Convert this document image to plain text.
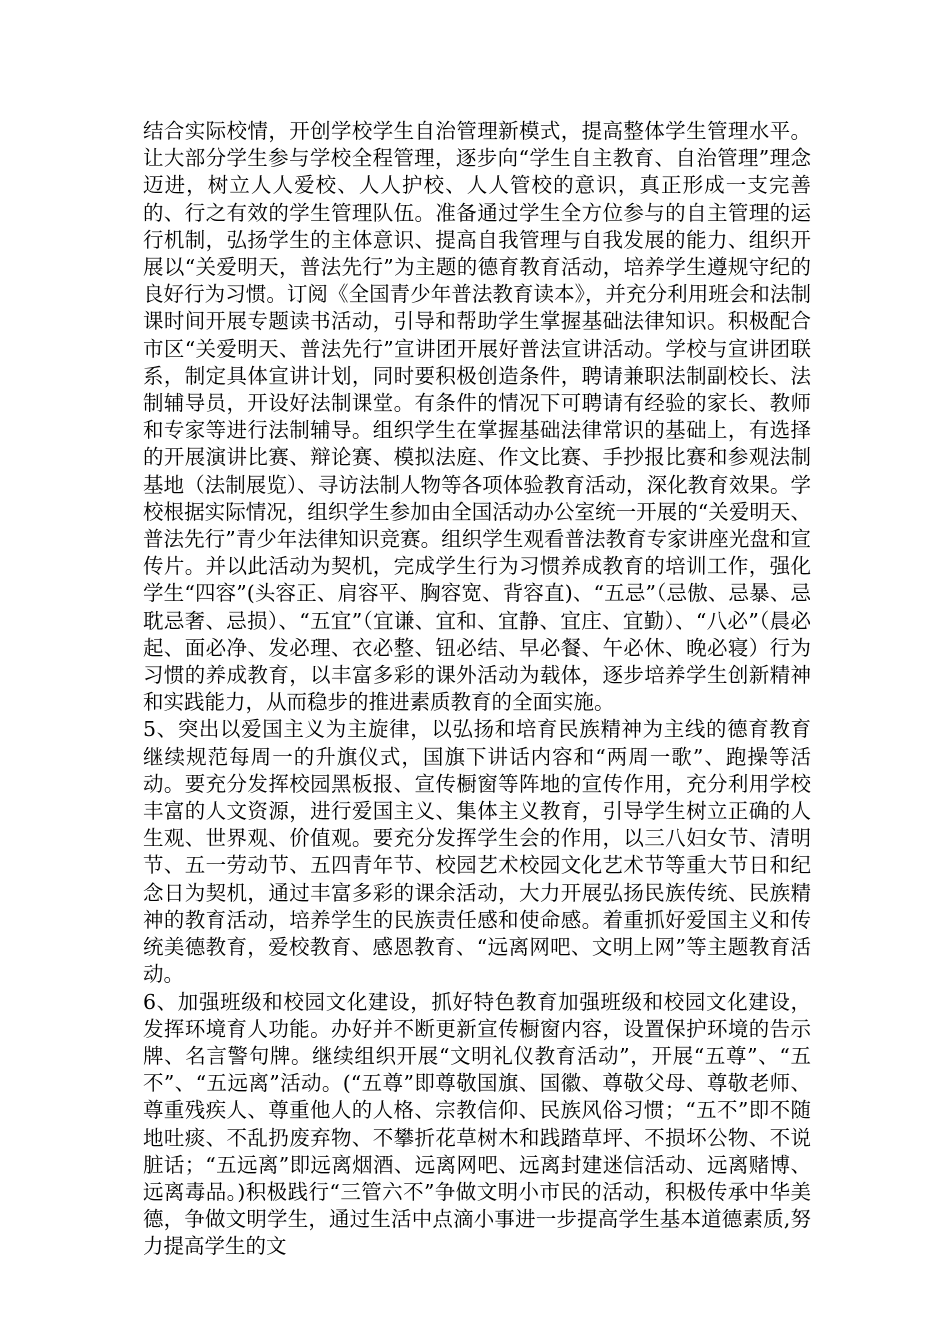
结合实际校情，开创学校学生自治管理新模式，提高整体学生管理水平。让大部分学生参与学校全程管理，逐步向“学生自主教育、自治管理”理念迈进，树立人人爱校、人人护校、人人管校的意识，真正形成一支完善的、行之有效的学生管理队伍。准备通过学生全方位参与的自主管理的运行机制，弘扬学生的主体意识、提高自我管理与自我发展的能力、组织开展以“关爱明天，普法先行”为主题的德育教育活动，培养学生遵规守纪的良好行为习惯。订阅《全国青少年普法教育读本》，并充分利用班会和法制课时间开展专题读书活动，引导和帮助学生掌握基础法律知识。积极配合市区“关爱明天、普法先行”宣讲团开展好普法宣讲活动。学校与宣讲团联系，制定具体宣讲计划，同时要积极创造条件，聘请兼职法制副校长、法制辅导员，开设好法制课堂。有条件的情况下可聘请有经验的家长、教师和专家等进行法制辅导。组织学生在掌握基础法律常识的基础上，有选择的开展演讲比赛、辩论赛、模拟法庭、作文比赛、手抄报比赛和参观法制基地（法制展览）、寻访法制人物等各项体验教育活动，深化教育效果。学校根据实际情况，组织学生参加由全国活动办公室统一开展的“关爱明天、普法先行”青少年法律知识竞赛。组织学生观看普法教育专家讲座光盘和宣传片。并以此活动为契机，完成学生行为习惯养成教育的培训工作，强化学生“四容”(头容正、肩容平、胸容宽、背容直)、“五忌”（忌傲、忌暴、忌耽忌奢、忌损）、“五宜”（宜谦、宜和、宜静、宜庄、宜勤）、“八必”（晨必起、面必净、发必理、衣必整、钮必结、早必餐、午必休、晚必寝）行为习惯的养成教育，以丰富多彩的课外活动为载体，逐步培养学生创新精神和实践能力，从而稳步的推进素质教育的全面实施。

5、突出以爱国主义为主旋律，以弘扬和培育民族精神为主线的德育教育继续规范每周一的升旗仪式，国旗下讲话内容和“两周一歌”、跑操等活动。要充分发挥校园黑板报、宣传橱窗等阵地的宣传作用，充分利用学校丰富的人文资源，进行爱国主义、集体主义教育，引导学生树立正确的人生观、世界观、价值观。要充分发挥学生会的作用，以三八妇女节、清明节、五一劳动节、五四青年节、校园艺术校园文化艺术节等重大节日和纪念日为契机，通过丰富多彩的课余活动，大力开展弘扬民族传统、民族精神的教育活动，培养学生的民族责任感和使命感。着重抓好爱国主义和传统美德教育，爱校教育、感恩教育、“远离网吧、文明上网”等主题教育活动。

6、加强班级和校园文化建设，抓好特色教育加强班级和校园文化建设，发挥环境育人功能。办好并不断更新宣传橱窗内容，设置保护环境的告示牌、名言警句牌。继续组织开展“文明礼仪教育活动”，开展“五尊”、“五不”、“五远离”活动。(“五尊”即尊敬国旗、国徽、尊敬父母、尊敬老师、尊重残疾人、尊重他人的人格、宗教信仰、民族风俗习惯；“五不”即不随地吐痰、不乱扔废弃物、不攀折花草树木和践踏草坪、不损坏公物、不说脏话；“五远离”即远离烟酒、远离网吧、远离封建迷信活动、远离赌博、远离毒品。)积极践行“三管六不”争做文明小市民的活动，积极传承中华美德，争做文明学生，通过生活中点滴小事进一步提高学生基本道德素质,努力提高学生的文
